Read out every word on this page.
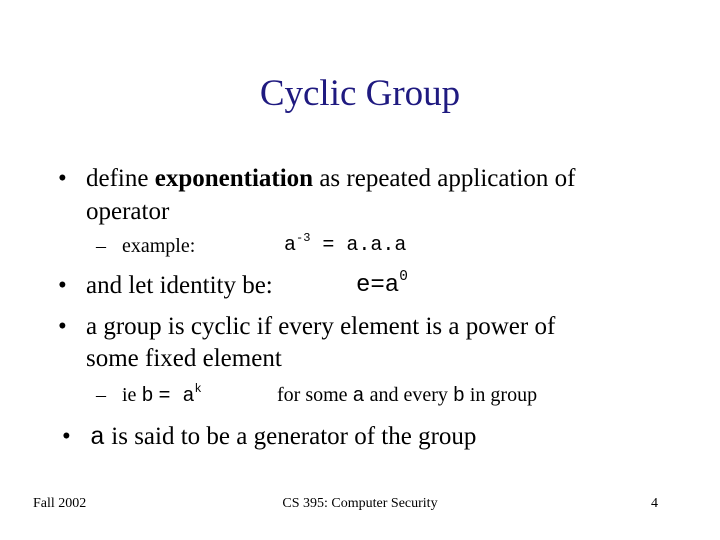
Cyclic Group
• define exponentiation as repeated application of
operator
– example:	$a^{-3} = a.a.a$
• and let identity be:	$e=a^0$
• a group is cyclic if every element is a power of
some fixed element
– ie $b = a^k$	for some a and every b in group
• a is said to be a generator of the group
Fall 2002	CS 395: Computer Security	4
